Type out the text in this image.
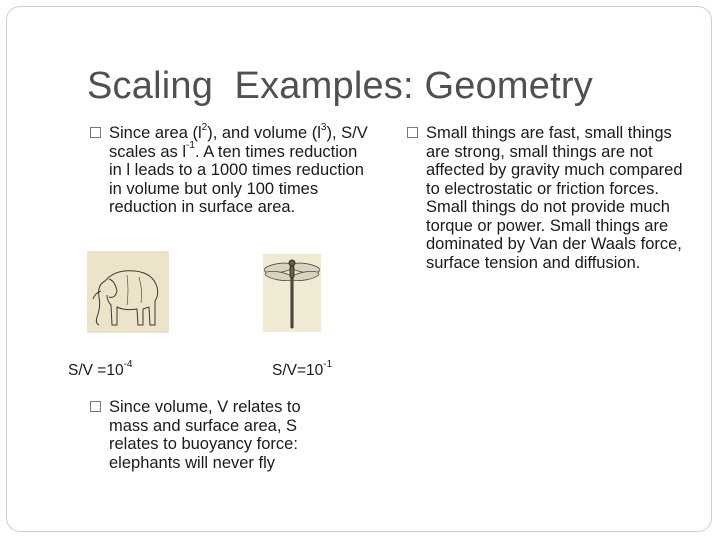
Scaling  Examples: Geometry
Since area $(l^2)$, and volume $(l^3)$, S/V scales as $l^{-1}$. A ten times reduction in l leads to a 1000 times reduction in volume but only 100 times reduction in surface area.
Small things are fast, small things are strong, small things are not affected by gravity much compared to electrostatic or friction forces. Small things do not provide much torque or power. Small things are dominated by Van der Waals force, surface tension and diffusion.
$S/V =10^{-4}$	$S/V=10^{-1}$
Since volume, V relates to mass and surface area, S relates to buoyancy force: elephants will never fly
